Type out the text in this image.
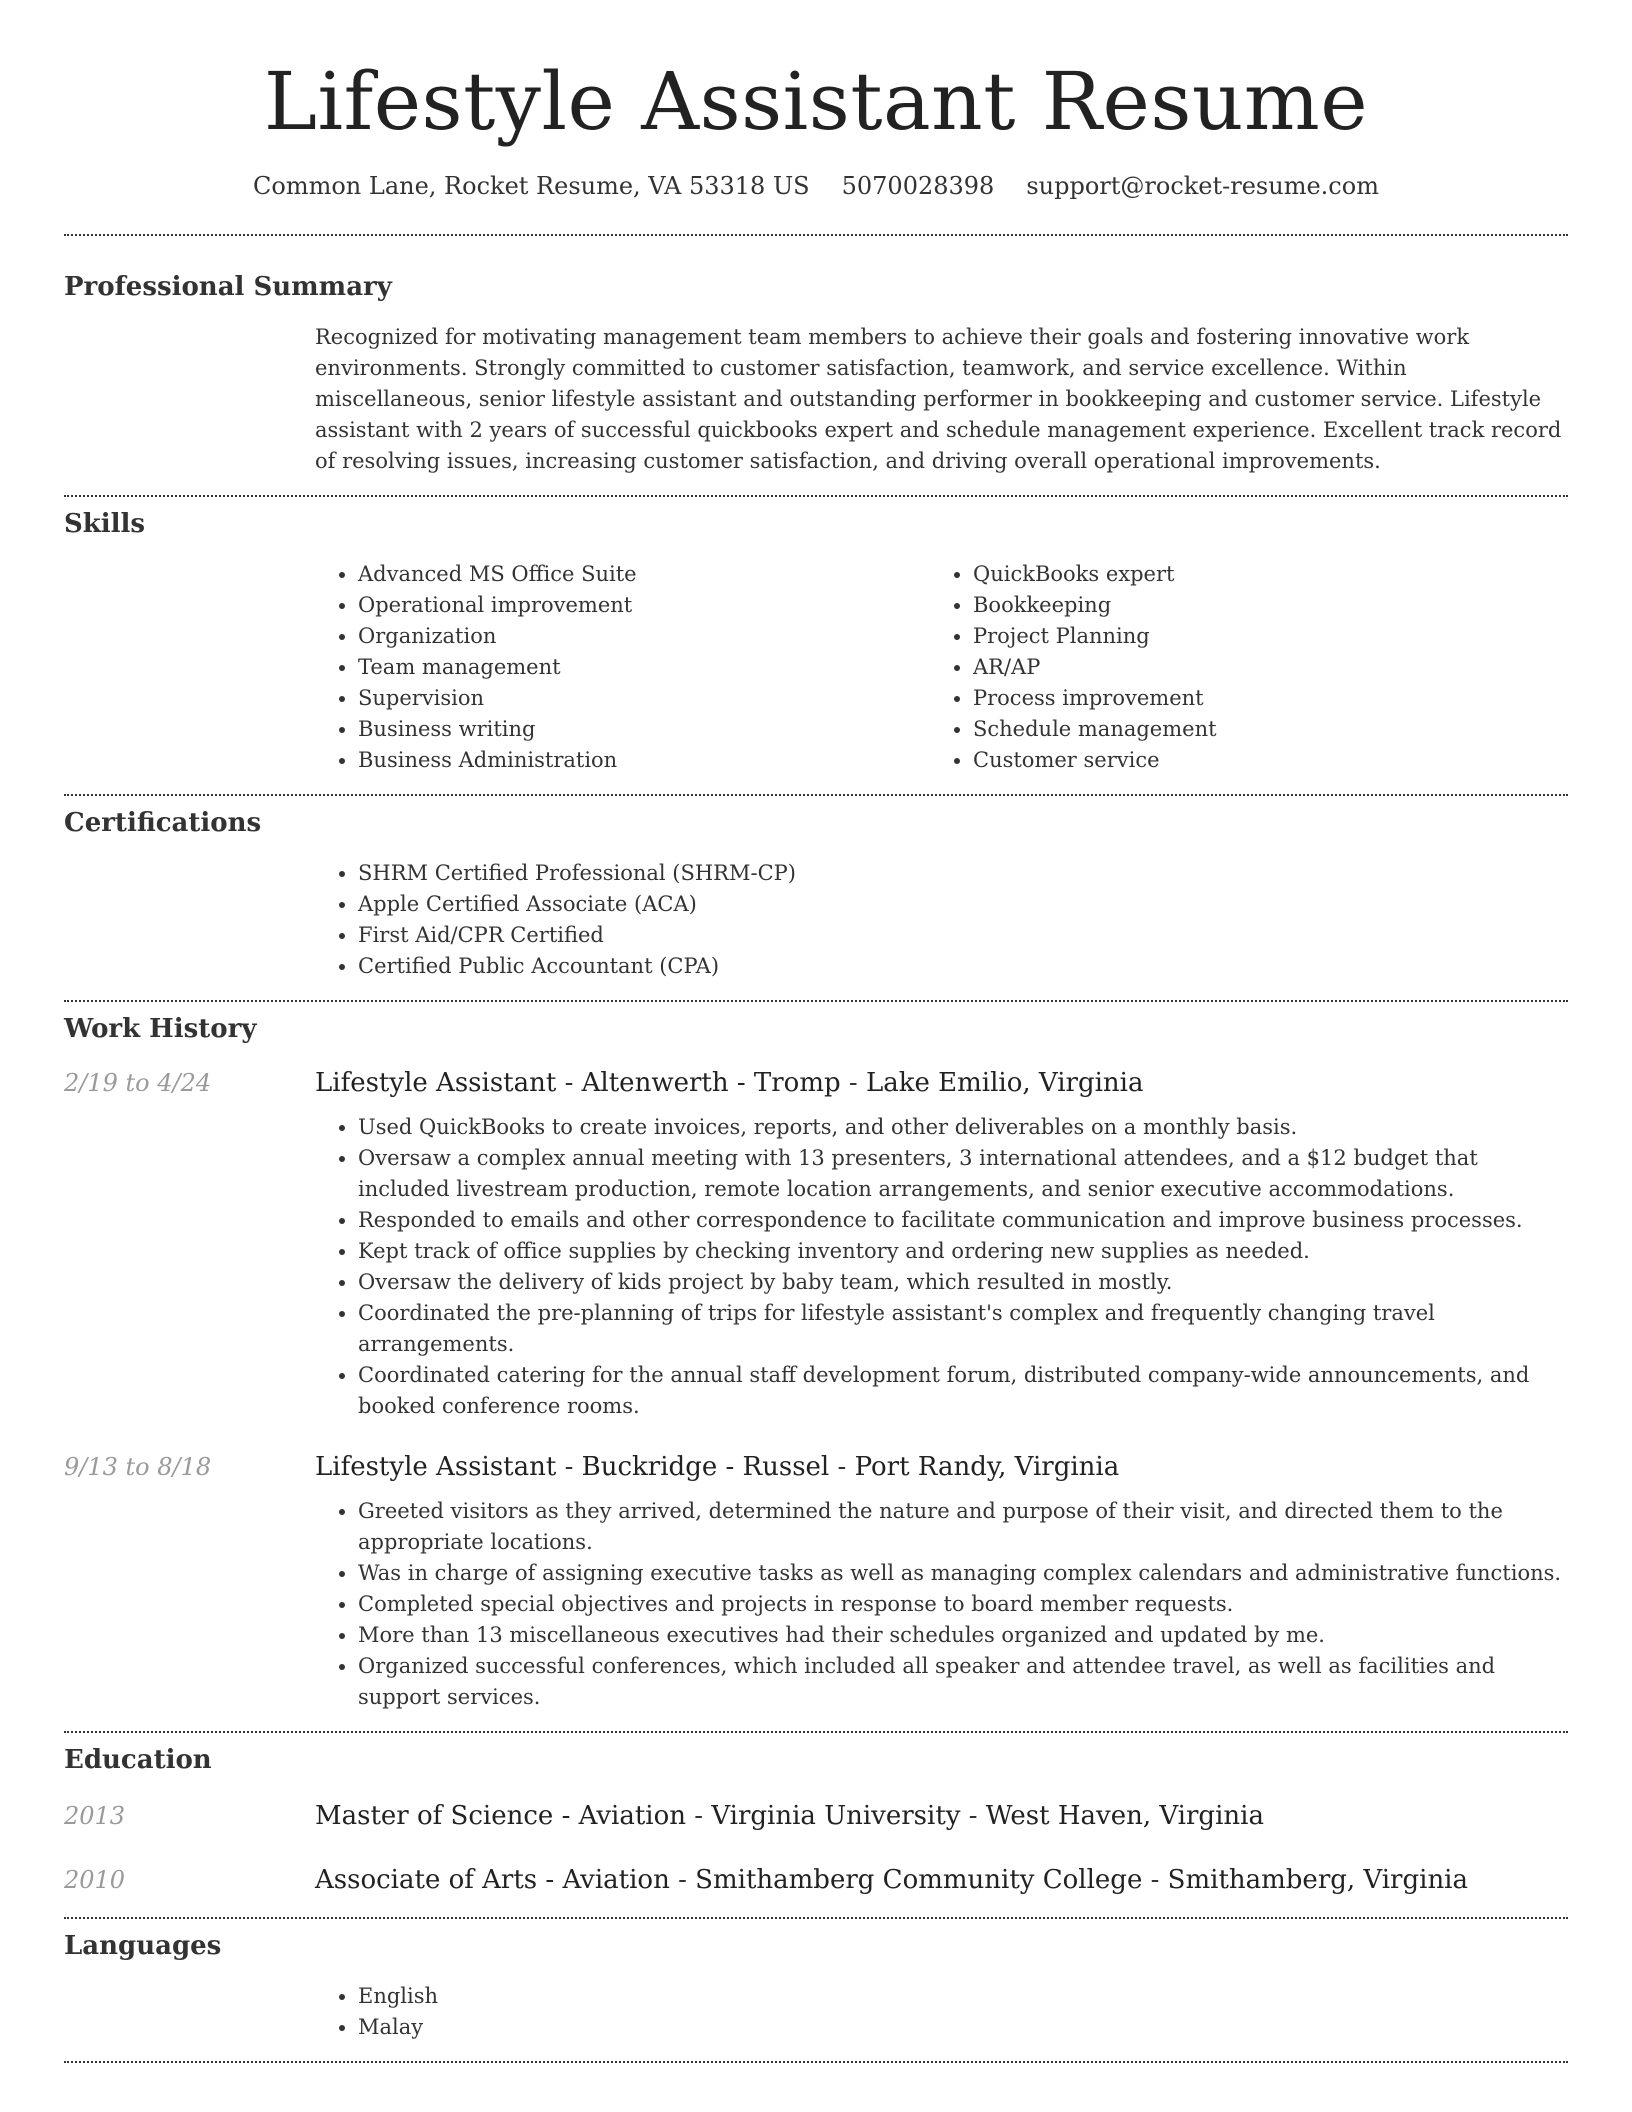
Lifestyle Assistant Resume
Common Lane, Rocket Resume, VA 53318 US 5070028398 support@rocket-resume.com
Professional Summary
Recognized for motivating management team members to achieve their goals and fostering innovative work environments. Strongly committed to customer satisfaction, teamwork, and service excellence. Within miscellaneous, senior lifestyle assistant and outstanding performer in bookkeeping and customer service. Lifestyle assistant with 2 years of successful quickbooks expert and schedule management experience. Excellent track record of resolving issues, increasing customer satisfaction, and driving overall operational improvements.
Skills
• Advanced MS Office Suite
• Operational improvement
• Organization
• Team management
• Supervision
• Business writing
• Business Administration
• QuickBooks expert
• Bookkeeping
• Project Planning
• AR/AP
• Process improvement
• Schedule management
• Customer service
Certifications
• SHRM Certified Professional (SHRM-CP)
• Apple Certified Associate (ACA)
• First Aid/CPR Certified
• Certified Public Accountant (CPA)
Work History
2/19 to 4/24	Lifestyle Assistant - Altenwerth - Tromp - Lake Emilio, Virginia
• Used QuickBooks to create invoices, reports, and other deliverables on a monthly basis.
• Oversaw a complex annual meeting with 13 presenters, 3 international attendees, and a $12 budget that included livestream production, remote location arrangements, and senior executive accommodations.
• Responded to emails and other correspondence to facilitate communication and improve business processes.
• Kept track of office supplies by checking inventory and ordering new supplies as needed.
• Oversaw the delivery of kids project by baby team, which resulted in mostly.
• Coordinated the pre-planning of trips for lifestyle assistant's complex and frequently changing travel arrangements.
• Coordinated catering for the annual staff development forum, distributed company-wide announcements, and booked conference rooms.
9/13 to 8/18	Lifestyle Assistant - Buckridge - Russel - Port Randy, Virginia
• Greeted visitors as they arrived, determined the nature and purpose of their visit, and directed them to the appropriate locations.
• Was in charge of assigning executive tasks as well as managing complex calendars and administrative functions.
• Completed special objectives and projects in response to board member requests.
• More than 13 miscellaneous executives had their schedules organized and updated by me.
• Organized successful conferences, which included all speaker and attendee travel, as well as facilities and support services.
Education
2013	Master of Science - Aviation - Virginia University - West Haven, Virginia
2010	Associate of Arts - Aviation - Smithamberg Community College - Smithamberg, Virginia
Languages
• English
• Malay
